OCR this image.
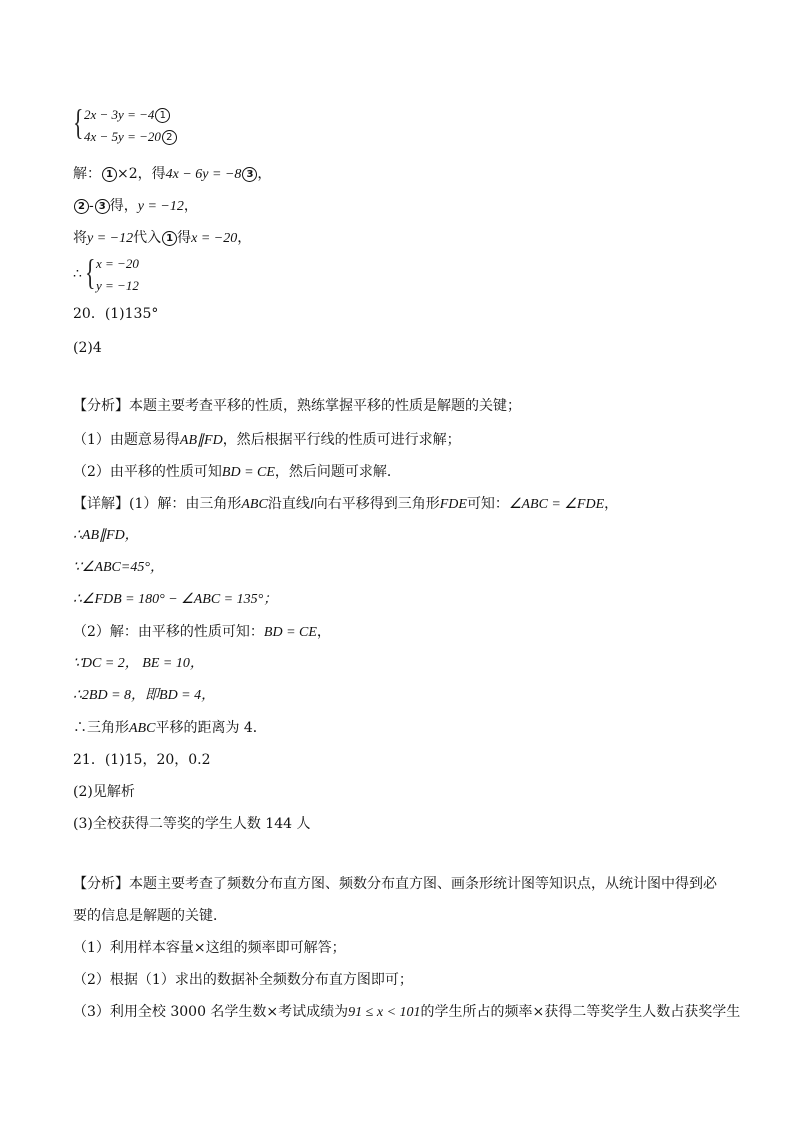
{ 2x − 3y = −4 1
4x − 5y = −20 2
解： 1 ×2，得4x − 6y = −8 3 ，
2 - 3 得，y = −12，
将y = −12代入 1 得x = −20，
∴ { x = −20
y = −12
20．(1)135°
(2)4
【分析】本题主要考查平移的性质，熟练掌握平移的性质是解题的关键；
（1）由题意易得AB∥FD，然后根据平行线的性质可进行求解；
（2）由平移的性质可知BD = CE，然后问题可求解．
【详解】(1）解：由三角形ABC沿直线l向右平移得到三角形FDE可知：∠ABC = ∠FDE，
∴AB∥FD，
∵∠ABC=45°，
∴∠FDB = 180° − ∠ABC = 135°；
（2）解：由平移的性质可知：BD = CE，
∵DC = 2， BE = 10，
∴2BD = 8，即BD = 4，
∴三角形ABC平移的距离为 4．
21．(1)15，20，0.2
(2)见解析
(3)全校获得二等奖的学生人数 144 人
【分析】本题主要考查了频数分布直方图、频数分布直方图、画条形统计图等知识点，从统计图中得到必
要的信息是解题的关键．
（1）利用样本容量×这组的频率即可解答；
（2）根据（1）求出的数据补全频数分布直方图即可；
（3）利用全校 3000 名学生数×考试成绩为91 ≤ x < 101的学生所占的频率×获得二等奖学生人数占获奖学生
